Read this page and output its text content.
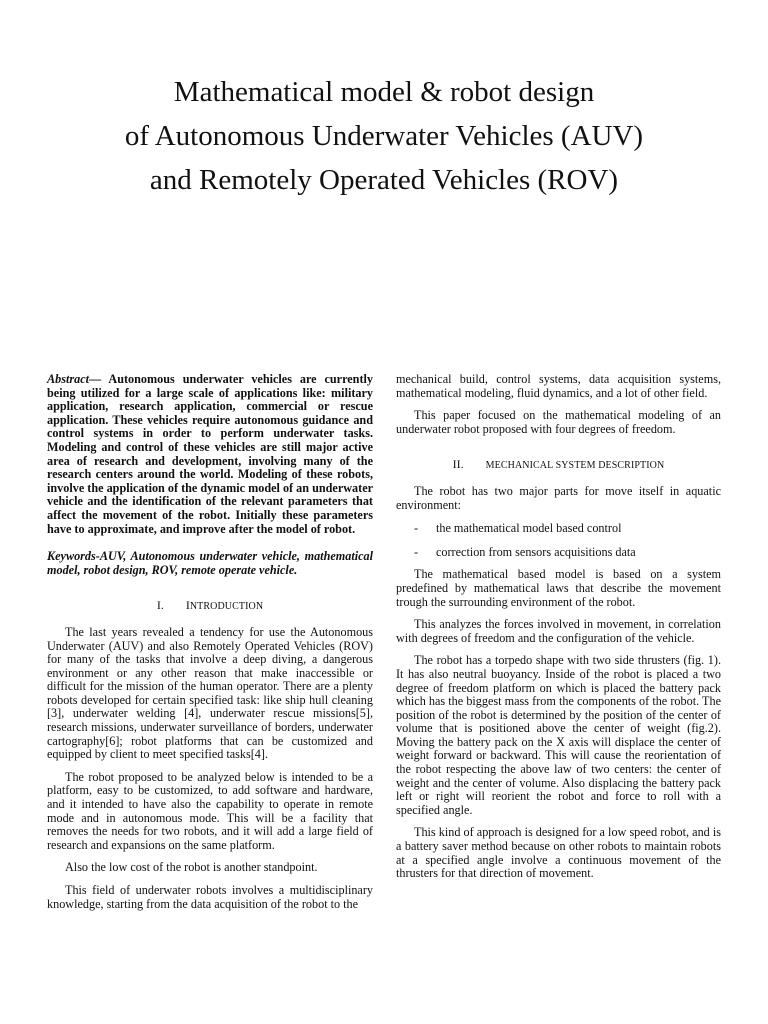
Mathematical model & robot design
of Autonomous Underwater Vehicles (AUV)
and Remotely Operated Vehicles (ROV)

Abstract— Autonomous underwater vehicles are currently being utilized for a large scale of applications like: military application, research application, commercial or rescue application. These vehicles require autonomous guidance and control systems in order to perform underwater tasks. Modeling and control of these vehicles are still major active area of research and development, involving many of the research centers around the world. Modeling of these robots, involve the application of the dynamic model of an underwater vehicle and the identification of the relevant parameters that affect the movement of the robot. Initially these parameters have to approximate, and improve after the model of robot.

Keywords-AUV, Autonomous underwater vehicle, mathematical model, robot design, ROV, remote operate vehicle.

I. INTRODUCTION

The last years revealed a tendency for use the Autonomous Underwater (AUV) and also Remotely Operated Vehicles (ROV) for many of the tasks that involve a deep diving, a dangerous environment or any other reason that make inaccessible or difficult for the mission of the human operator. There are a plenty robots developed for certain specified task: like ship hull cleaning [3], underwater welding [4], underwater rescue missions[5], research missions, underwater surveillance of borders, underwater cartography[6]; robot platforms that can be customized and equipped by client to meet specified tasks[4].

The robot proposed to be analyzed below is intended to be a platform, easy to be customized, to add software and hardware, and it intended to have also the capability to operate in remote mode and in autonomous mode. This will be a facility that removes the needs for two robots, and it will add a large field of research and expansions on the same platform.

Also the low cost of the robot is another standpoint.

This field of underwater robots involves a multidisciplinary knowledge, starting from the data acquisition of the robot to the

mechanical build, control systems, data acquisition systems, mathematical modeling, fluid dynamics, and a lot of other field.

This paper focused on the mathematical modeling of an underwater robot proposed with four degrees of freedom.

II. MECHANICAL SYSTEM DESCRIPTION

The robot has two major parts for move itself in aquatic environment:

-	the mathematical model based control
-	correction from sensors acquisitions data

The mathematical based model is based on a system predefined by mathematical laws that describe the movement trough the surrounding environment of the robot.

This analyzes the forces involved in movement, in correlation with degrees of freedom and the configuration of the vehicle.

The robot has a torpedo shape with two side thrusters (fig. 1). It has also neutral buoyancy. Inside of the robot is placed a two degree of freedom platform on which is placed the battery pack which has the biggest mass from the components of the robot. The position of the robot is determined by the position of the center of volume that is positioned above the center of weight (fig.2). Moving the battery pack on the X axis will displace the center of weight forward or backward. This will cause the reorientation of the robot respecting the above law of two centers: the center of weight and the center of volume. Also displacing the battery pack left or right will reorient the robot and force to roll with a specified angle.

This kind of approach is designed for a low speed robot, and is a battery saver method because on other robots to maintain robots at a specified angle involve a continuous movement of the thrusters for that direction of movement.
